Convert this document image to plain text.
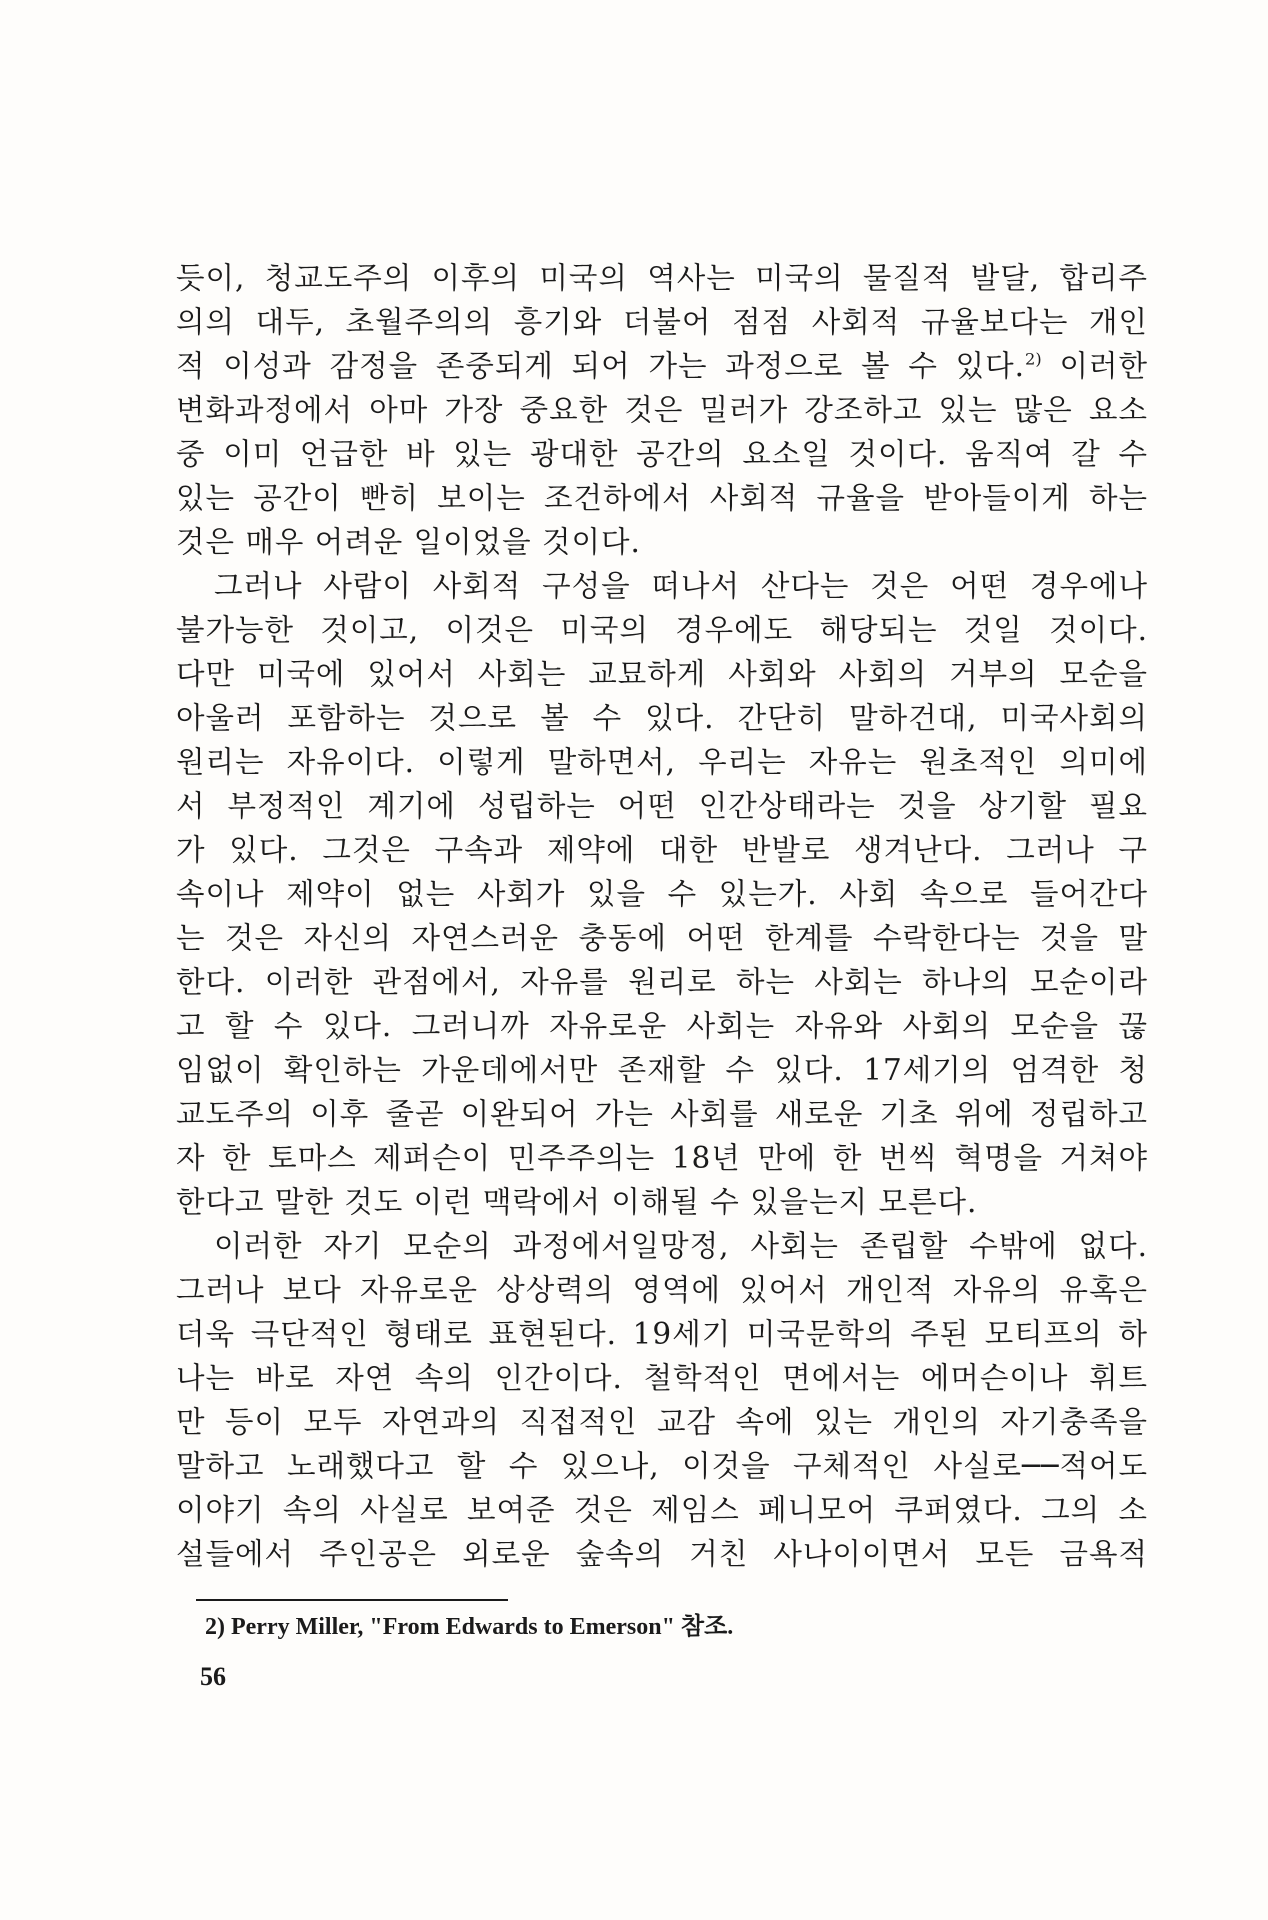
듯이, 청교도주의 이후의 미국의 역사는 미국의 물질적 발달, 합리주
의의 대두, 초월주의의 흥기와 더불어 점점 사회적 규율보다는 개인
적 이성과 감정을 존중되게 되어 가는 과정으로 볼 수 있다.$^{2)}$ 이러한
변화과정에서 아마 가장 중요한 것은 밀러가 강조하고 있는 많은 요소
중 이미 언급한 바 있는 광대한 공간의 요소일 것이다. 움직여 갈 수
있는 공간이 빤히 보이는 조건하에서 사회적 규율을 받아들이게 하는
것은 매우 어려운 일이었을 것이다.
그러나 사람이 사회적 구성을 떠나서 산다는 것은 어떤 경우에나
불가능한 것이고, 이것은 미국의 경우에도 해당되는 것일 것이다.
다만 미국에 있어서 사회는 교묘하게 사회와 사회의 거부의 모순을
아울러 포함하는 것으로 볼 수 있다. 간단히 말하건대, 미국사회의
원리는 자유이다. 이렇게 말하면서, 우리는 자유는 원초적인 의미에
서 부정적인 계기에 성립하는 어떤 인간상태라는 것을 상기할 필요
가 있다. 그것은 구속과 제약에 대한 반발로 생겨난다. 그러나 구
속이나 제약이 없는 사회가 있을 수 있는가. 사회 속으로 들어간다
는 것은 자신의 자연스러운 충동에 어떤 한계를 수락한다는 것을 말
한다. 이러한 관점에서, 자유를 원리로 하는 사회는 하나의 모순이라
고 할 수 있다. 그러니까 자유로운 사회는 자유와 사회의 모순을 끊
임없이 확인하는 가운데에서만 존재할 수 있다. 17세기의 엄격한 청
교도주의 이후 줄곧 이완되어 가는 사회를 새로운 기초 위에 정립하고
자 한 토마스 제퍼슨이 민주주의는 18년 만에 한 번씩 혁명을 거쳐야
한다고 말한 것도 이런 맥락에서 이해될 수 있을는지 모른다.
이러한 자기 모순의 과정에서일망정, 사회는 존립할 수밖에 없다.
그러나 보다 자유로운 상상력의 영역에 있어서 개인적 자유의 유혹은
더욱 극단적인 형태로 표현된다. 19세기 미국문학의 주된 모티프의 하
나는 바로 자연 속의 인간이다. 철학적인 면에서는 에머슨이나 휘트
만 등이 모두 자연과의 직접적인 교감 속에 있는 개인의 자기충족을
말하고 노래했다고 할 수 있으나, 이것을 구체적인 사실로──적어도
이야기 속의 사실로 보여준 것은 제임스 페니모어 쿠퍼였다. 그의 소
설들에서 주인공은 외로운 숲속의 거친 사나이이면서 모든 금욕적
2) Perry Miller, "From Edwards to Emerson" 참조.
56
